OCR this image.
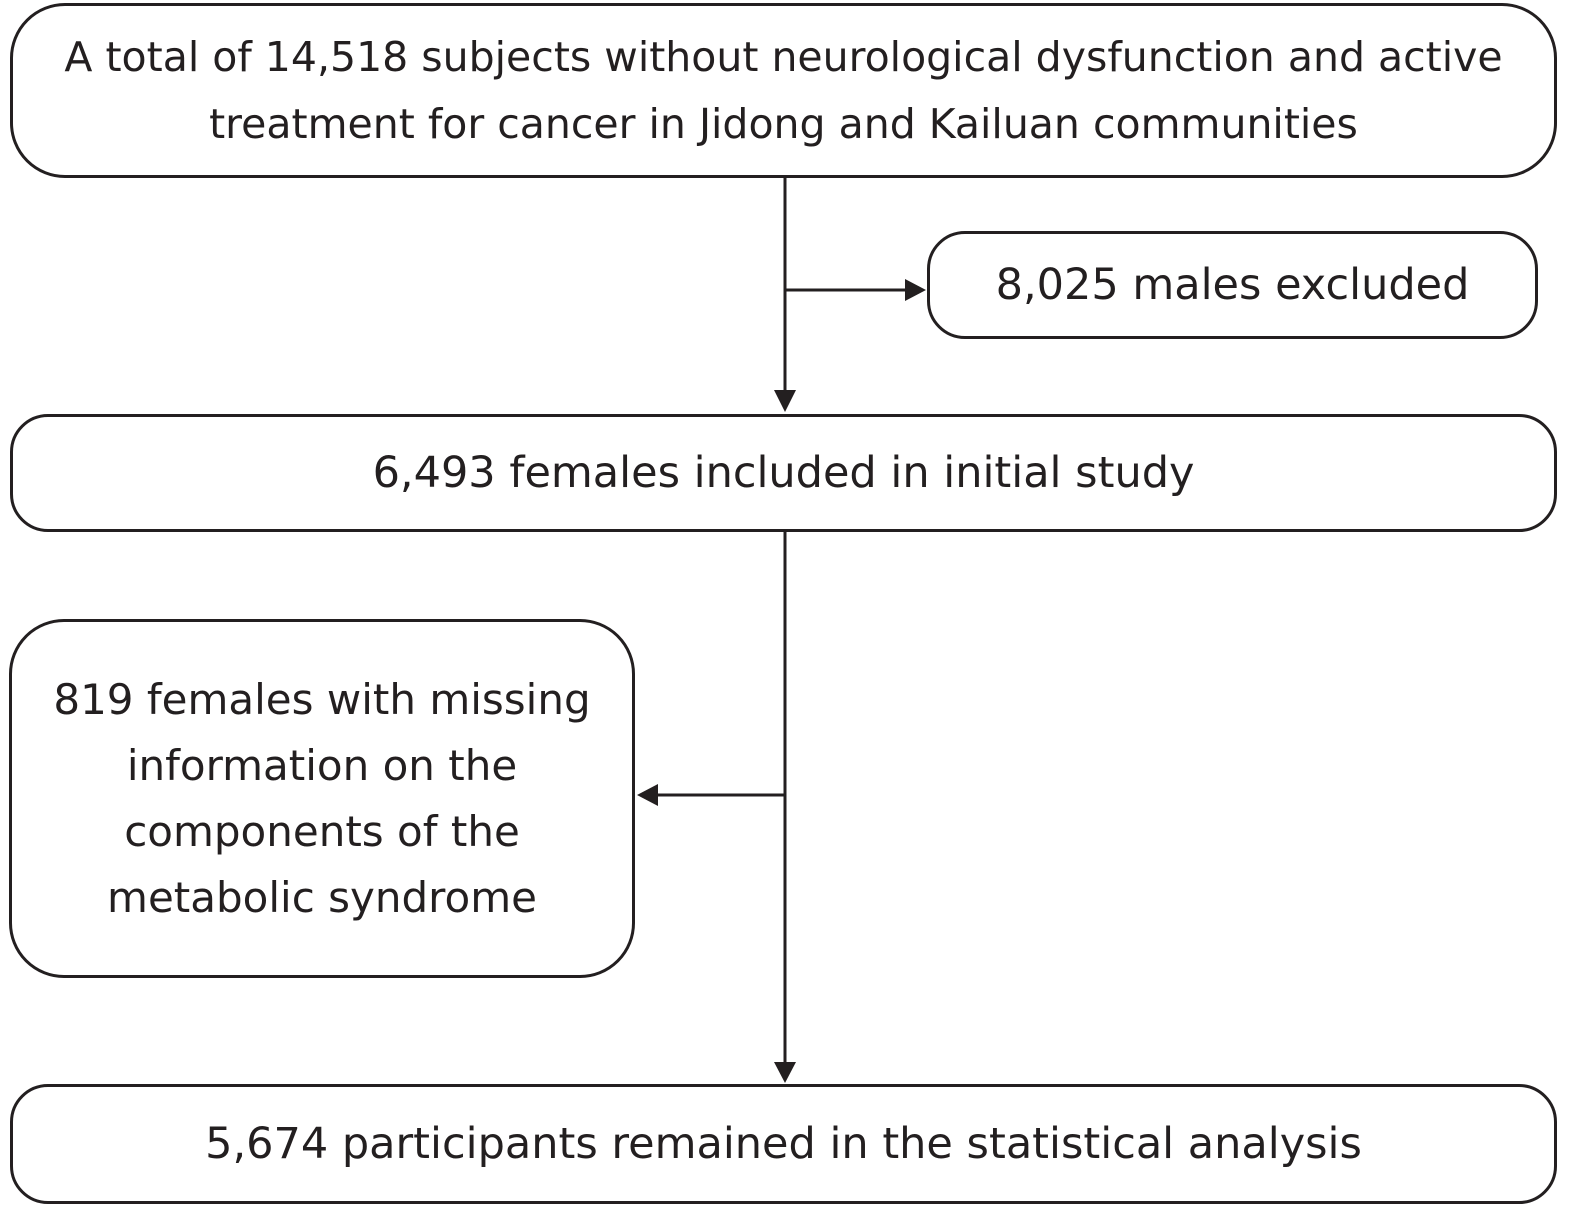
A total of 14,518 subjects without neurological dysfunction and active
treatment for cancer in Jidong and Kailuan communities
8,025 males excluded
6,493 females included in initial study
819 females with missing
information on the
components of the
metabolic syndrome
5,674 participants remained in the statistical analysis
